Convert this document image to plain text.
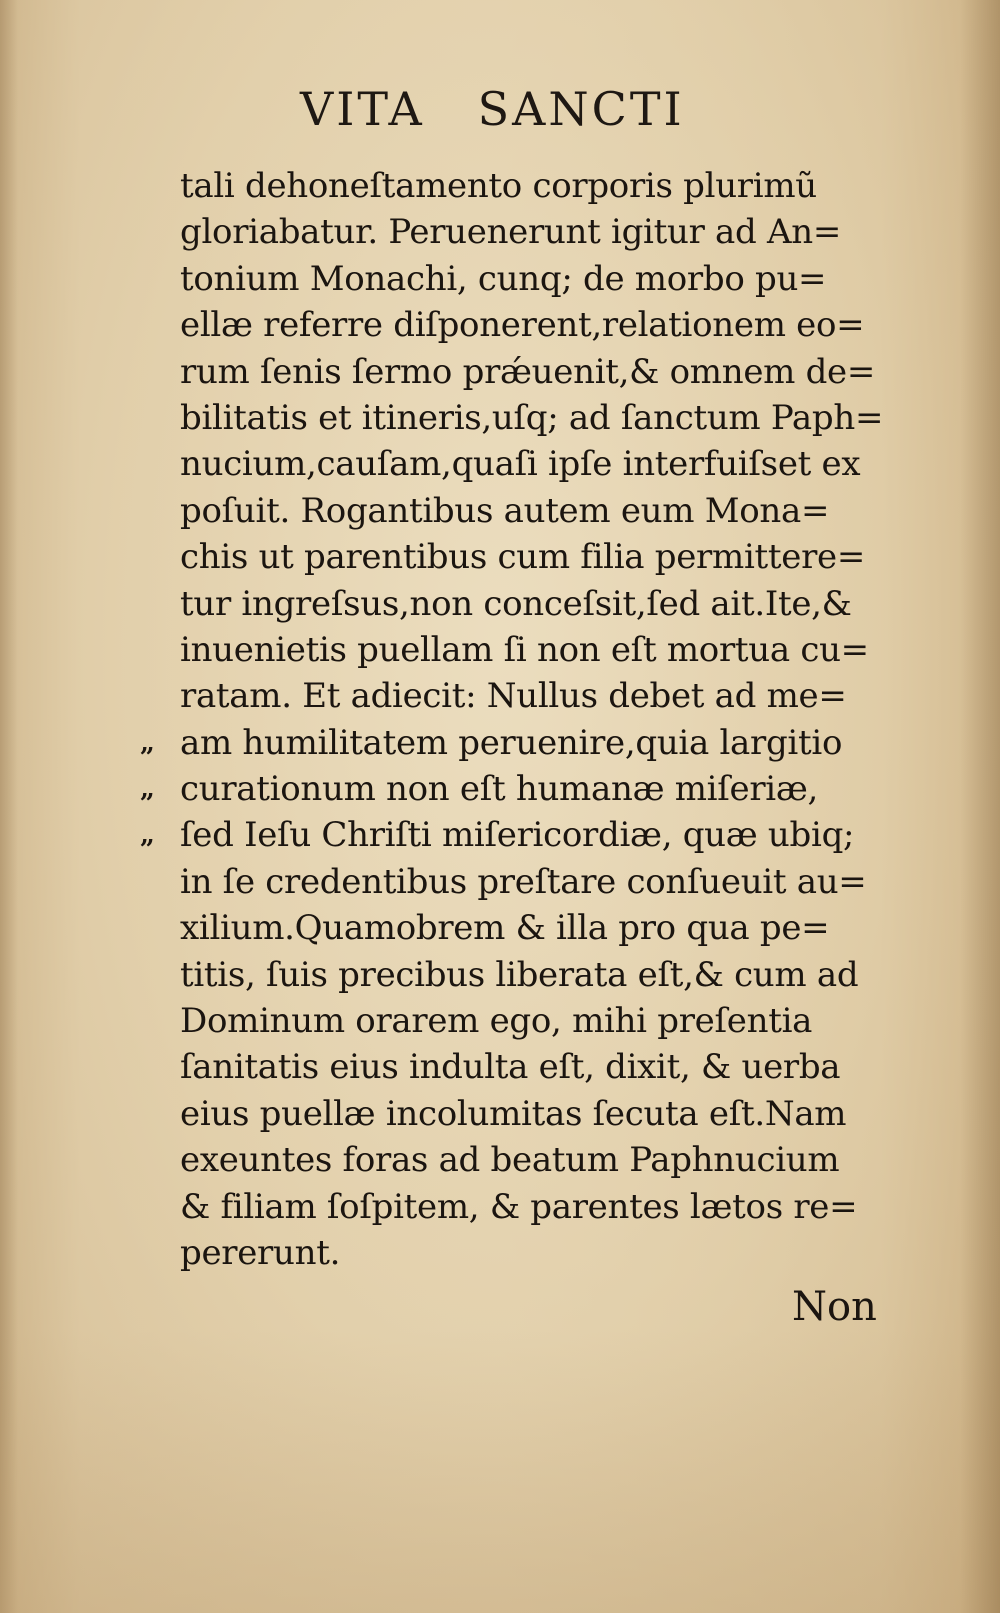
VITA   SANCTI
tali dehoneſtamento corporis plurimũ
gloriabatur. Peruenerunt igitur ad An=
tonium Monachi, cunq; de morbo pu=
ellæ referre diſponerent,relationem eo=
rum ſenis ſermo prǽuenit,& omnem de=
bilitatis et itineris,uſq; ad ſanctum Paph=
nucium,cauſam,quaſi ipſe interfuiſset ex
poſuit. Rogantibus autem eum Mona=
chis ut parentibus cum filia permittere=
tur ingreſsus,non conceſsit,ſed ait.Ite,&
inuenietis puellam ſi non eſt mortua cu=
ratam. Et adiecit: Nullus debet ad me=
„ am humilitatem peruenire,quia largitio
„ curationum non eſt humanæ miſeriæ,
„ ſed Ieſu Chriſti miſericordiæ, quæ ubiq;
in ſe credentibus preſtare conſueuit au=
xilium.Quamobrem & illa pro qua pe=
titis, ſuis precibus liberata eſt,& cum ad
Dominum orarem ego, mihi preſentia
ſanitatis eius indulta eſt, dixit, & uerba
eius puellæ incolumitas ſecuta eſt.Nam
exeuntes foras ad beatum Paphnucium
& filiam ſoſpitem, & parentes lætos re=
pererunt.
Non
